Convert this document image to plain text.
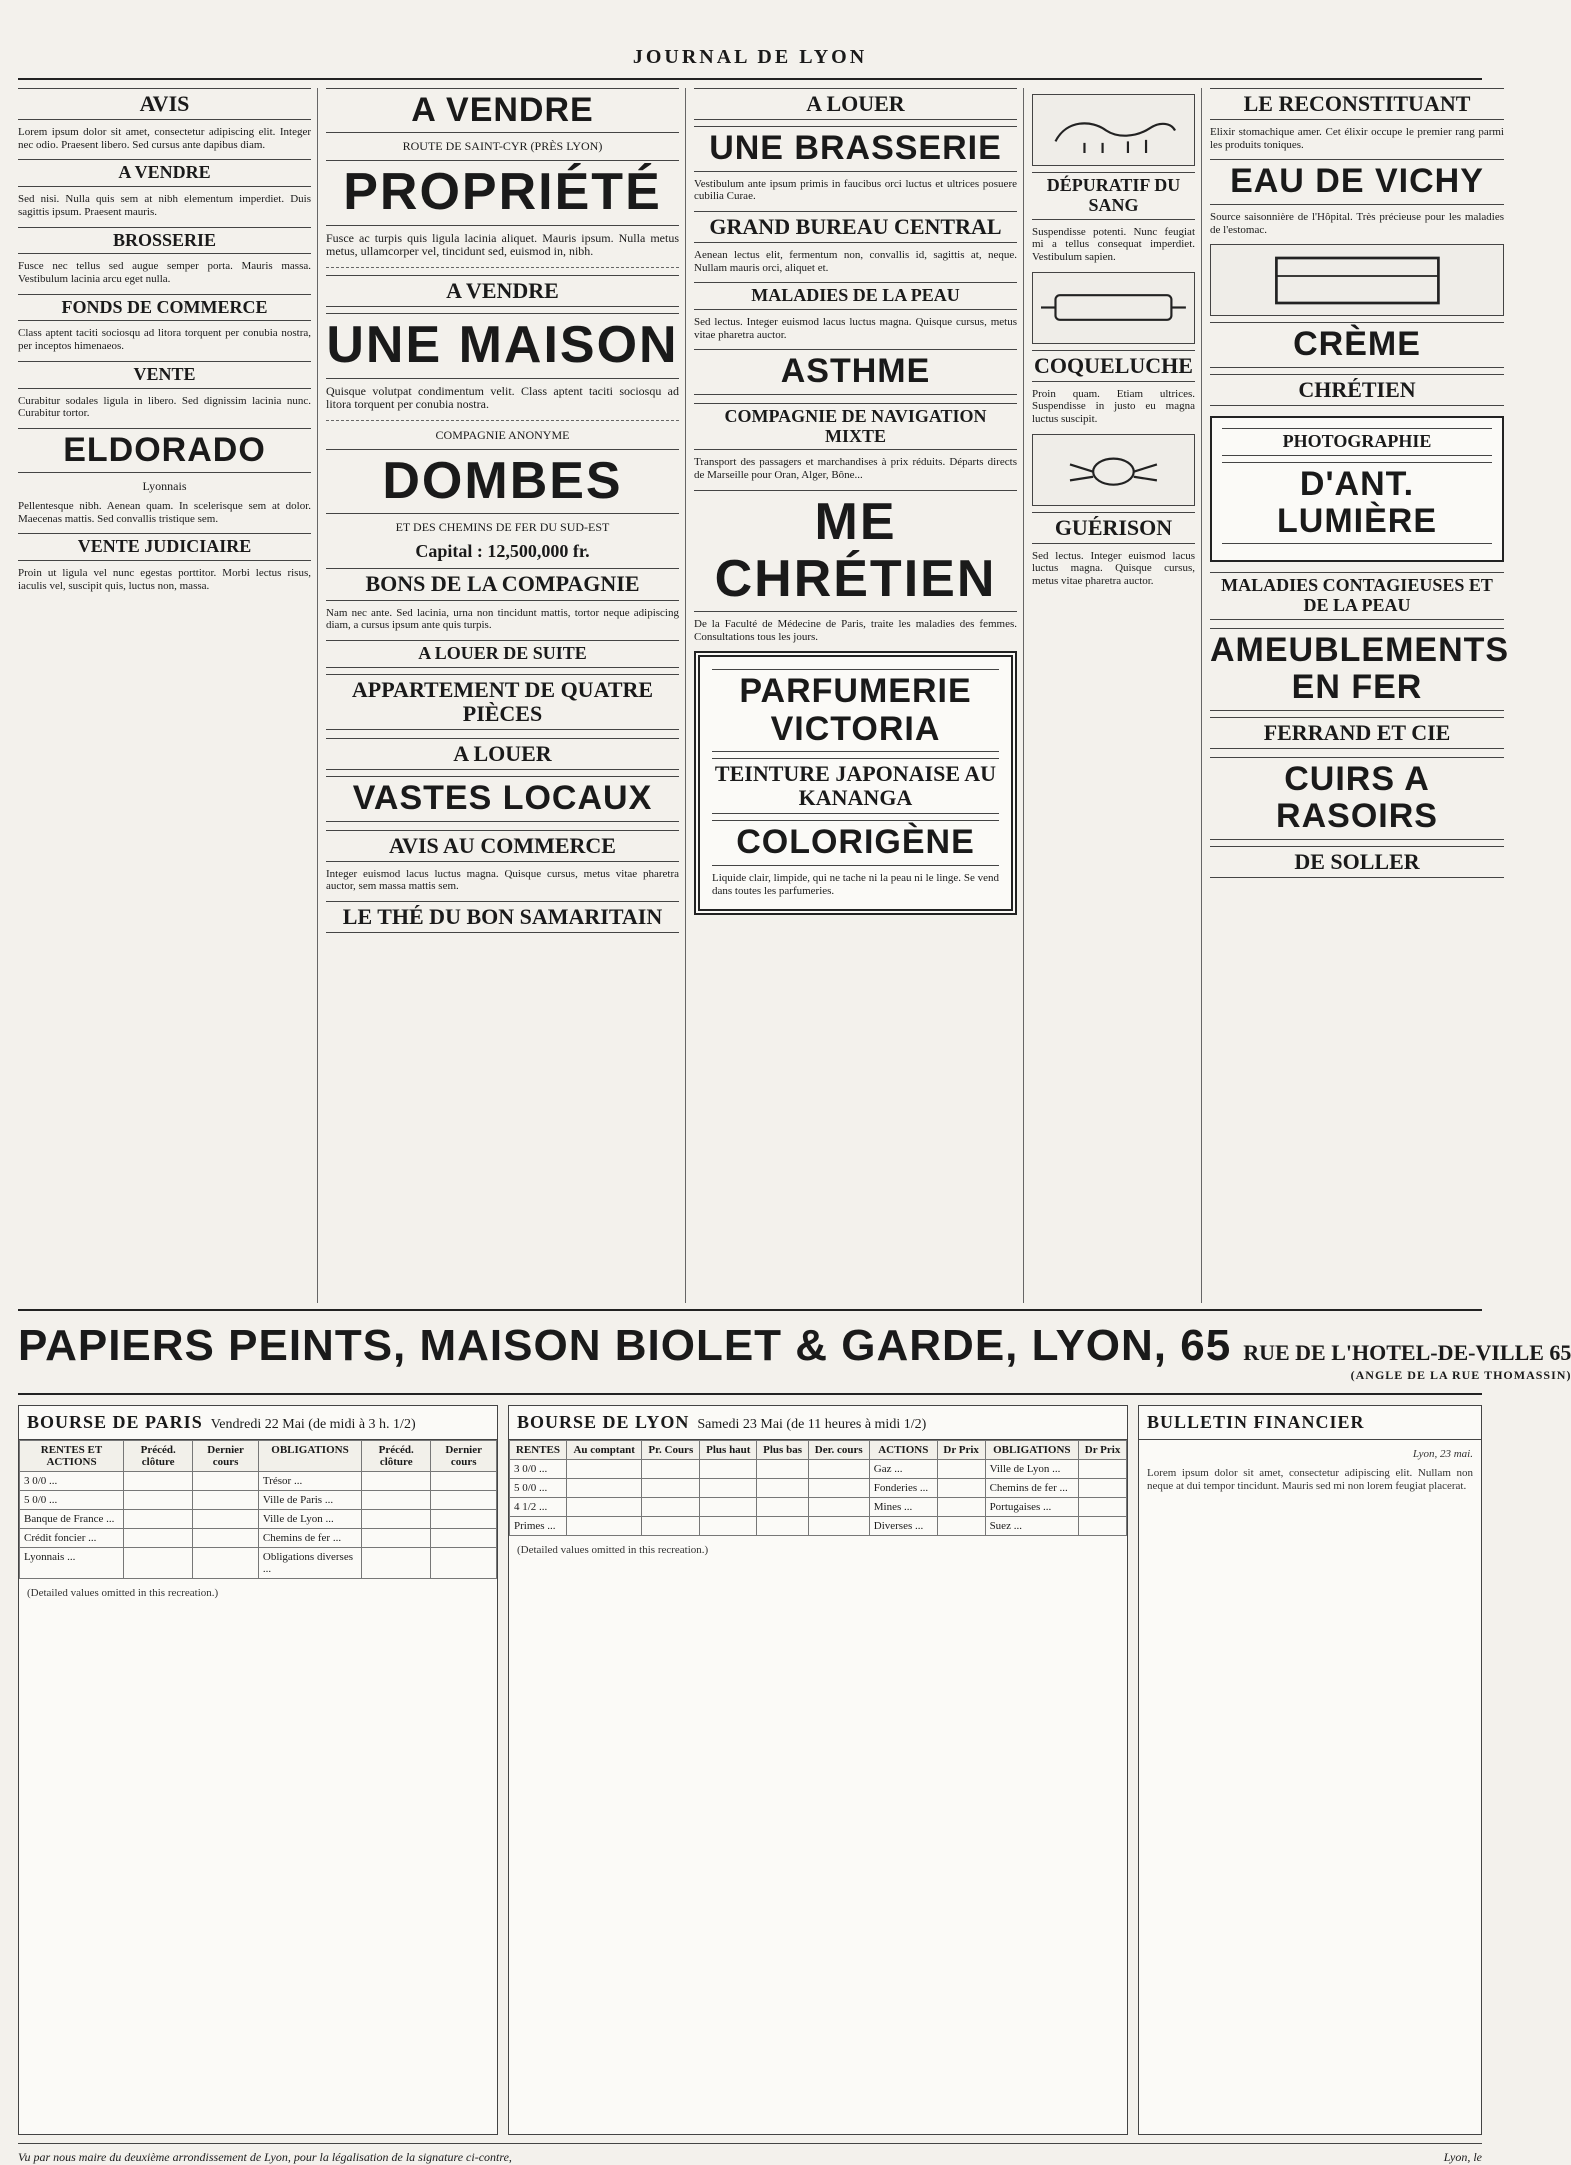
JOURNAL DE LYON
AVIS
Lorem ipsum dolor sit amet, consectetur adipiscing elit. Integer nec odio. Praesent libero. Sed cursus ante dapibus diam.
A VENDRE
Sed nisi. Nulla quis sem at nibh elementum imperdiet. Duis sagittis ipsum. Praesent mauris.
BROSSERIE
Fusce nec tellus sed augue semper porta. Mauris massa. Vestibulum lacinia arcu eget nulla.
FONDS DE COMMERCE
Class aptent taciti sociosqu ad litora torquent per conubia nostra, per inceptos himenaeos.
VENTE
Curabitur sodales ligula in libero. Sed dignissim lacinia nunc. Curabitur tortor.
ELDORADO
Lyonnais
Pellentesque nibh. Aenean quam. In scelerisque sem at dolor. Maecenas mattis. Sed convallis tristique sem.
VENTE JUDICIAIRE
Proin ut ligula vel nunc egestas porttitor. Morbi lectus risus, iaculis vel, suscipit quis, luctus non, massa.
A VENDRE
ROUTE DE SAINT-CYR (PRÈS LYON)
PROPRIÉTÉ
Fusce ac turpis quis ligula lacinia aliquet. Mauris ipsum. Nulla metus metus, ullamcorper vel, tincidunt sed, euismod in, nibh.
A VENDRE
UNE MAISON
Quisque volutpat condimentum velit. Class aptent taciti sociosqu ad litora torquent per conubia nostra.
COMPAGNIE ANONYME
DOMBES
ET DES CHEMINS DE FER DU SUD-EST
Capital : 12,500,000 fr.
BONS DE LA COMPAGNIE
Nam nec ante. Sed lacinia, urna non tincidunt mattis, tortor neque adipiscing diam, a cursus ipsum ante quis turpis.
A LOUER DE SUITE
APPARTEMENT DE QUATRE PIÈCES
A LOUER
VASTES LOCAUX
AVIS AU COMMERCE
Integer euismod lacus luctus magna. Quisque cursus, metus vitae pharetra auctor, sem massa mattis sem.
LE THÉ DU BON SAMARITAIN
A LOUER
UNE BRASSERIE
Vestibulum ante ipsum primis in faucibus orci luctus et ultrices posuere cubilia Curae.
GRAND BUREAU CENTRAL
Aenean lectus elit, fermentum non, convallis id, sagittis at, neque. Nullam mauris orci, aliquet et.
MALADIES DE LA PEAU
Sed lectus. Integer euismod lacus luctus magna. Quisque cursus, metus vitae pharetra auctor.
ASTHME
COMPAGNIE DE NAVIGATION MIXTE
Transport des passagers et marchandises à prix réduits. Départs directs de Marseille pour Oran, Alger, Bône...
ME CHRÉTIEN
De la Faculté de Médecine de Paris, traite les maladies des femmes. Consultations tous les jours.
PARFUMERIE VICTORIA
TEINTURE JAPONAISE AU KANANGA
COLORIGÈNE
Liquide clair, limpide, qui ne tache ni la peau ni le linge. Se vend dans toutes les parfumeries.
DÉPURATIF DU SANG
Suspendisse potenti. Nunc feugiat mi a tellus consequat imperdiet. Vestibulum sapien.
COQUELUCHE
Proin quam. Etiam ultrices. Suspendisse in justo eu magna luctus suscipit.
GUÉRISON
Sed lectus. Integer euismod lacus luctus magna. Quisque cursus, metus vitae pharetra auctor.
LE RECONSTITUANT
Elixir stomachique amer. Cet élixir occupe le premier rang parmi les produits toniques.
EAU DE VICHY
Source saisonnière de l'Hôpital. Très précieuse pour les maladies de l'estomac.
CRÈME
CHRÉTIEN
PHOTOGRAPHIE
D'ANT. LUMIÈRE
MALADIES CONTAGIEUSES ET DE LA PEAU
AMEUBLEMENTS EN FER
FERRAND ET CIE
CUIRS A RASOIRS
DE SOLLER
PAPIERS PEINTS, MAISON BIOLET & GARDE, LYON, 65 RUE DE L'HOTEL-DE-VILLE 65
(ANGLE DE LA RUE THOMASSIN)
BOURSE DE PARIS Vendredi 22 Mai (de midi à 3 h. 1/2)
RENTES ET ACTIONS	Précéd. clôture	Dernier cours	OBLIGATIONS	Précéd. clôture	Dernier cours
3 0/0 ...			Trésor ...		
5 0/0 ...			Ville de Paris ...		
Banque de France ...			Ville de Lyon ...		
Crédit foncier ...			Chemins de fer ...		
Lyonnais ...			Obligations diverses ...		
(Detailed values omitted in this recreation.)
BOURSE DE LYON Samedi 23 Mai (de 11 heures à midi 1/2)
RENTES	Au comptant	Pr. Cours	Plus haut	Plus bas	Der. cours	ACTIONS	Dr Prix	OBLIGATIONS	Dr Prix
3 0/0 ...						Gaz ...		Ville de Lyon ...	
5 0/0 ...						Fonderies ...		Chemins de fer ...	
4 1/2 ...						Mines ...		Portugaises ...	
Primes ...						Diverses ...		Suez ...	
(Detailed values omitted in this recreation.)
BULLETIN FINANCIER
Lyon, 23 mai.
Lorem ipsum dolor sit amet, consectetur adipiscing elit. Nullam non neque at dui tempor tincidunt. Mauris sed mi non lorem feugiat placerat.
Vu par nous maire du deuxième arrondissement de Lyon, pour la légalisation de la signature ci-contre,	Lyon, le
